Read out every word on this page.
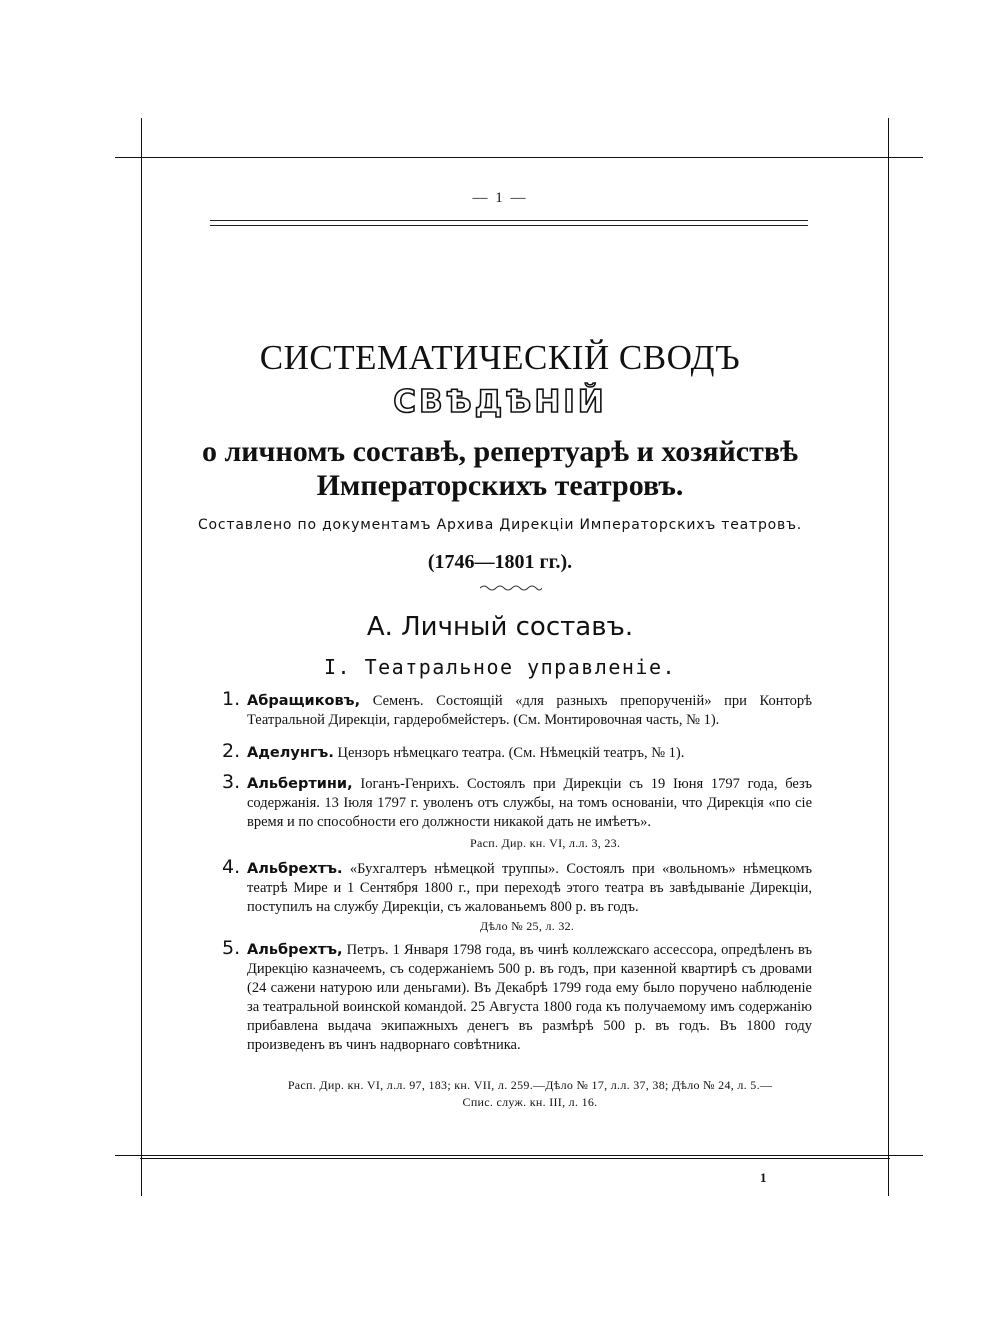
— 1 —
СИСТЕМАТИЧЕСКІЙ СВОДЪ
СВѢДѢНІЙ
о личномъ составѣ, репертуарѣ и хозяйствѣ
Императорскихъ театровъ.
Составлено по документамъ Архива Дирекціи Императорскихъ театровъ.
(1746—1801 гг.).
А. Личный составъ.
I. Театральное управленіе.
1. Абращиковъ, Семенъ. Состоящій «для разныхъ препорученій» при Конторѣ Театральной Дирекціи, гардеробмейстеръ. (См. Монтировочная часть, № 1).
2. Аделунгъ. Цензоръ нѣмецкаго театра. (См. Нѣмецкій театръ, № 1).
3. Альбертини, Іоганъ-Генрихъ. Состоялъ при Дирекціи съ 19 Іюня 1797 года, безъ содержанія. 13 Іюля 1797 г. уволенъ отъ службы, на томъ основаніи, что Дирекція «по сіе время и по способности его должности никакой дать не имѣетъ».
Расп. Дир. кн. VI, л.л. 3, 23.
4. Альбрехтъ. «Бухгалтеръ нѣмецкой труппы». Состоялъ при «вольномъ» нѣмецкомъ театрѣ Мире и 1 Сентября 1800 г., при переходѣ этого театра въ завѣдываніе Дирекціи, поступилъ на службу Дирекціи, съ жалованьемъ 800 р. въ годъ.
Дѣло № 25, л. 32.
5. Альбрехтъ, Петръ. 1 Января 1798 года, въ чинѣ коллежскаго ассессора, опредѣленъ въ Дирекцію казначеемъ, съ содержаніемъ 500 р. въ годъ, при казенной квартирѣ съ дровами (24 сажени натурою или деньгами). Въ Декабрѣ 1799 года ему было поручено наблюденіе за театральной воинской командой. 25 Августа 1800 года къ получаемому имъ содержанію прибавлена выдача экипажныхъ денегъ въ размѣрѣ 500 р. въ годъ. Въ 1800 году произведенъ въ чинъ надворнаго совѣтника.
Расп. Дир. кн. VI, л.л. 97, 183; кн. VII, л. 259.—Дѣло № 17, л.л. 37, 38; Дѣло № 24, л. 5.—Спис. служ. кн. III, л. 16.
1
